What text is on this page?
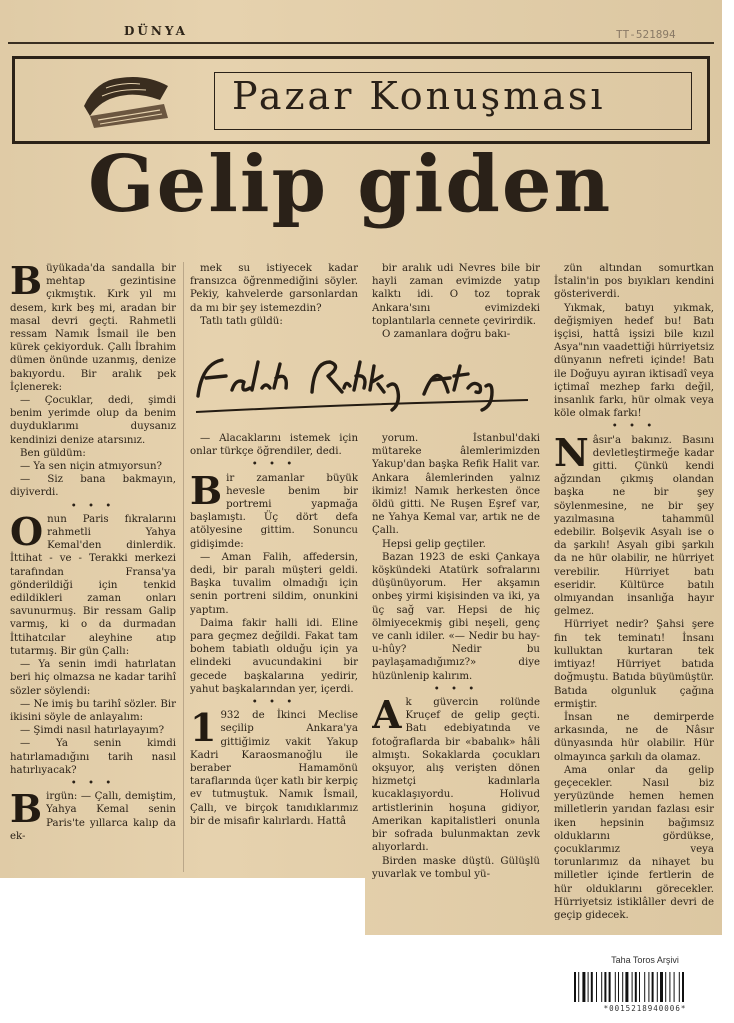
DÜNYA	TT-521894
Pazar Konuşması
Gelip giden

Büyükada'da sandalla bir mehtap gezintisine çıkmıştık. Kırk yıl mı desem, kırk beş mi, aradan bir masal devri geçti. Rahmetli ressam Namık İsmail ile ben kürek çekiyorduk. Çallı İbrahim dümen önünde uzanmış, denize bakıyordu. Bir aralık pek İçlenerek:

— Çocuklar, dedi, şimdi benim yerimde olup da benim duyduklarımı duysanız kendinizi denize atarsınız.

Ben güldüm:

— Ya sen niçin atmıyorsun?

— Siz bana bakmayın, diyiverdi.

• • •

Onun Paris fıkralarını rahmetli Yahya Kemal'den dinlerdik. İttihat - ve - Terakki merkezi tarafından Fransa'ya gönderildiği için tenkid edildikleri zaman onları savunurmuş. Bir ressam Galip varmış, ki o da durmadan İttihatcılar aleyhine atıp tutarmış. Bir gün Çallı:

— Ya senin imdi hatırlatan beri hiç olmazsa ne kadar tarihî sözler söylendi:

— Ne imiş bu tarihî sözler. Bir ikisini söyle de anlayalım:

— Şimdi nasıl hatırlayayım?

— Ya senin kimdi hatırlamadığını tarih nasıl hatırlıyacak?

• • •

Birgün: — Çallı, demiştim, Yahya Kemal senin Paris'te yıllarca kalıp da ek-

mek su istiyecek kadar fransızca öğrenmediğini söyler. Pekiy, kahvelerde garsonlardan da mı bir şey istemezdin?

Tatlı tatlı güldü:

bir aralık udi Nevres bile bir hayli zaman evimizde yatıp kalktı idi. O toz toprak Ankara'sını evimizdeki toplantılarla cennete çevirirdik.

O zamanlara doğru bakı-

Falih Rıfkı Atay

— Alacaklarını istemek için onlar türkçe öğrendiler, dedi.

• • •

Bir zamanlar büyük hevesle benim bir portremi yapmağa başlamıştı. Üç dört defa atölyesine gittim. Sonuncu gidişimde:

— Aman Falih, affedersin, dedi, bir paralı müşteri geldi. Başka tuvalim olmadığı için senin portreni sildim, onunkini yaptım.

Daima fakir halli idi. Eline para geçmez değildi. Fakat tam bohem tabiatlı olduğu için ya elindeki avucundakini bir gecede başkalarına yedirir, yahut başkalarından yer, içerdi.

• • •

1 932 de İkinci Meclise seçilip Ankara'ya gittiğimiz vakit Yakup Kadri Karaosmanoğlu ile beraber Hamamönü taraflarında üçer katlı bir kerpiç ev tutmuştuk. Namık İsmail, Çallı, ve birçok tanıdıklarımız bir de misafir kalırlardı. Hattâ

yorum. İstanbul'daki mütareke âlemlerimizden Yakup'dan başka Refik Halit var. Ankara âlemlerinden yalnız ikimiz! Namık herkesten önce öldü gitti. Ne Ruşen Eşref var, ne Yahya Kemal var, artık ne de Çallı.

Hepsi gelip geçtiler.

Bazan 1923 de eski Çankaya köşkündeki Atatürk sofralarını düşünüyorum. Her akşamın onbeş yirmi kişisinden va iki, ya üç sağ var. Hepsi de hiç ölmiyecekmiş gibi neşeli, genç ve canlı idiler. «— Nedir bu hay-u-hûy? Nedir bu paylaşamadığımız?» diye hüzünlenip kalırım.

• • •

Ak güvercin rolünde Kruçef de gelip geçti. Batı edebiyatında ve fotoğraflarda bir «babalık» hâli almıştı. Sokaklarda çocukları okşuyor, alış verişten dönen hizmetçi kadınlarla kucaklaşıyordu. Holivud artistlerinin hoşuna gidiyor, Amerikan kapitalistleri onunla bir sofrada bulunmaktan zevk alıyorlardı.

Birden maske düştü. Gülüşlü yuvarlak ve tombul yü-

zün altından somurtkan İstalin'in pos bıyıkları kendini gösteriverdi.

Yıkmak, batıyı yıkmak, değişmiyen hedef bu! Batı işçisi, hattâ işsizi bile kızıl Asya"nın vaadettiği hürriyetsiz dünyanın nefreti içinde! Batı ile Doğuyu ayıran iktisadî veya içtimaî mezhep farkı değil, insanlık farkı, hür olmak veya köle olmak farkı!

• • •

Nâsır'a bakınız. Basını devletleştirmeğe kadar gitti. Çünkü kendi ağzından çıkmış olandan başka ne bir şey söylenmesine, ne bir şey yazılmasına tahammül edebilir. Bolşevik Asyalı ise o da şarkılı! Asyalı gibi şarkılı da ne hür olabilir, ne hürriyet verebilir. Hürriyet batı eseridir. Kültürce batılı olmıyandan insanlığa hayır gelmez.

Hürriyet nedir? Şahsi şere fin tek teminatı! İnsanı kulluktan kurtaran tek imtiyaz! Hürriyet batıda doğmuştu. Batıda büyümüştür. Batıda olgunluk çağına ermiştir.

İnsan ne demirperde arkasında, ne de Nâsır dünyasında hür olabilir. Hür olmayınca şarkılı da olamaz.

Ama onlar da gelip geçecekler. Nasıl biz yeryüzünde hemen hemen milletlerin yarıdan fazlası esir iken hepsinin bağımsız olduklarını gördükse, çocuklarımız veya torunlarımız da nihayet bu milletler içinde fertlerin de hür olduklarını görecekler. Hürriyetsiz istiklâller devri de geçip gidecek.

Taha Toros Arşivi
*0015218940006*
